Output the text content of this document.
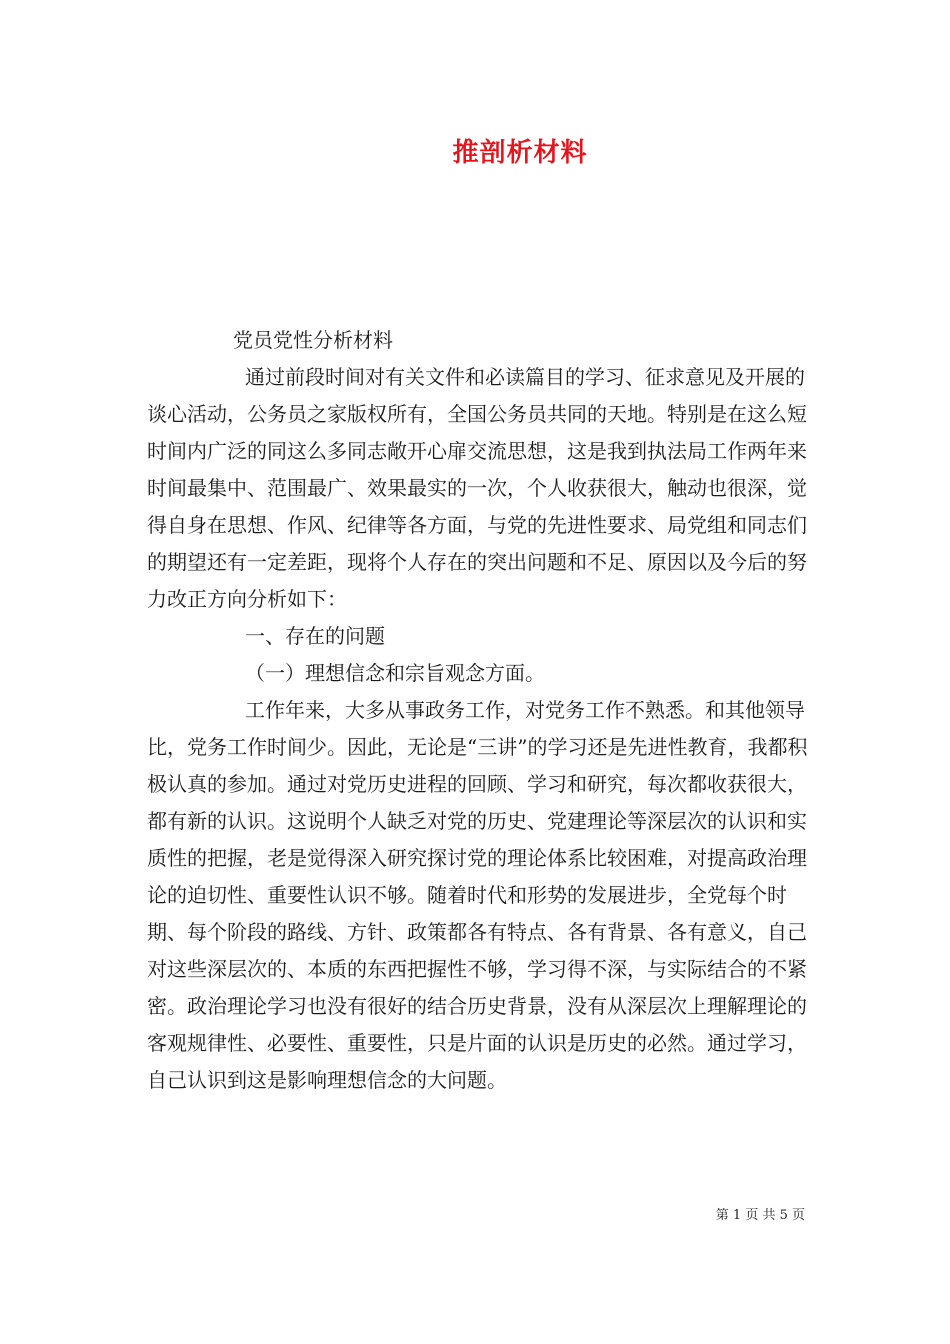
推剖析材料

党员党性分析材料

通过前段时间对有关文件和必读篇目的学习、征求意见及开展的谈心活动，公务员之家版权所有，全国公务员共同的天地。特别是在这么短时间内广泛的同这么多同志敞开心扉交流思想，这是我到执法局工作两年来时间最集中、范围最广、效果最实的一次，个人收获很大，触动也很深，觉得自身在思想、作风、纪律等各方面，与党的先进性要求、局党组和同志们的期望还有一定差距，现将个人存在的突出问题和不足、原因以及今后的努力改正方向分析如下：

一、存在的问题

（一）理想信念和宗旨观念方面。

工作年来，大多从事政务工作，对党务工作不熟悉。和其他领导比，党务工作时间少。因此，无论是“三讲”的学习还是先进性教育，我都积极认真的参加。通过对党历史进程的回顾、学习和研究，每次都收获很大，都有新的认识。这说明个人缺乏对党的历史、党建理论等深层次的认识和实质性的把握，老是觉得深入研究探讨党的理论体系比较困难，对提高政治理论的迫切性、重要性认识不够。随着时代和形势的发展进步，全党每个时期、每个阶段的路线、方针、政策都各有特点、各有背景、各有意义，自己对这些深层次的、本质的东西把握性不够，学习得不深，与实际结合的不紧密。政治理论学习也没有很好的结合历史背景，没有从深层次上理解理论的客观规律性、必要性、重要性，只是片面的认识是历史的必然。通过学习，自己认识到这是影响理想信念的大问题。

第 1 页 共 5 页
